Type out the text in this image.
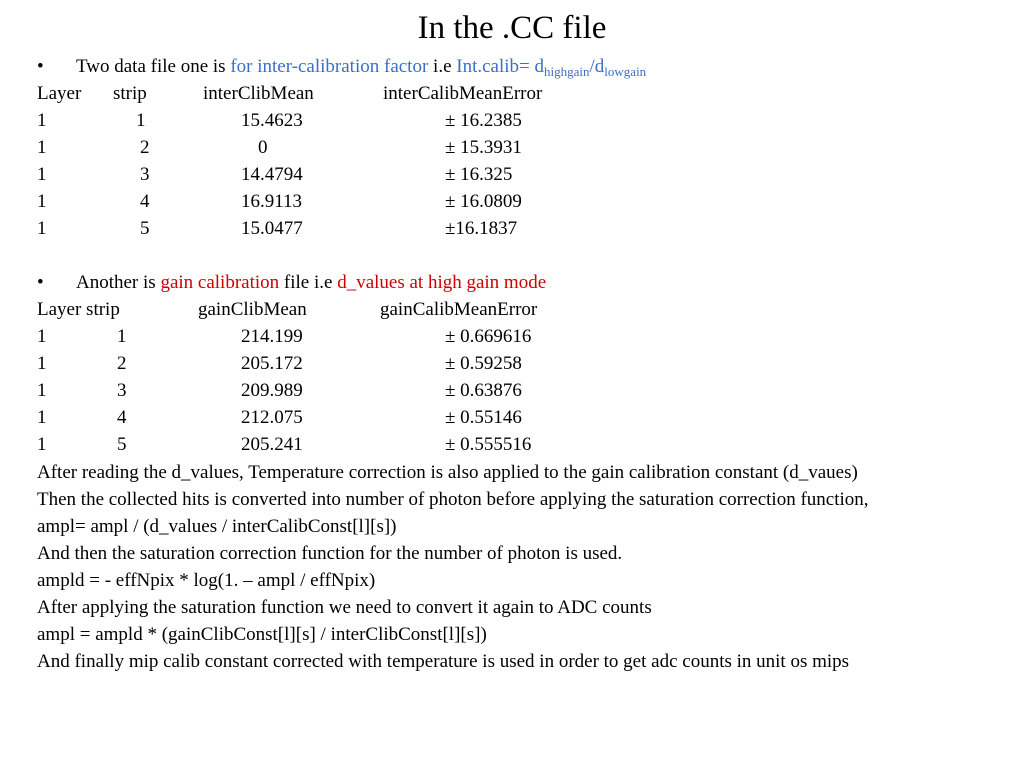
In the .CC file
• Two data file one is for inter-calibration factor i.e Int.calib= $d_{highgain}/d_{lowgain}$
Layer strip	interClibMean	interCalibMeanError
1	1	15.4623	± 16.2385
1	2	0	± 15.3931
1	3	14.4794	± 16.325
1	4	16.9113	± 16.0809
1	5	15.0477	±16.1837
• Another is gain calibration file i.e d_values at high gain mode
Layer strip	gainClibMean	gainCalibMeanError
1	1	214.199	± 0.669616
1	2	205.172	± 0.59258
1	3	209.989	± 0.63876
1	4	212.075	± 0.55146
1	5	205.241	± 0.555516
After reading the d_values, Temperature correction is also applied to the gain calibration constant (d_vaues)
Then the collected hits is converted into number of photon before applying the saturation correction function,
ampl= ampl / (d_values / interCalibConst[l][s])
And then the saturation correction function for the number of photon is used.
ampld = - effNpix * log(1. – ampl / effNpix)
After applying the saturation function we need to convert it again to ADC counts
ampl = ampld * (gainClibConst[l][s] / interClibConst[l][s])
And finally mip calib constant corrected with temperature is used in order to get adc counts in unit os mips
